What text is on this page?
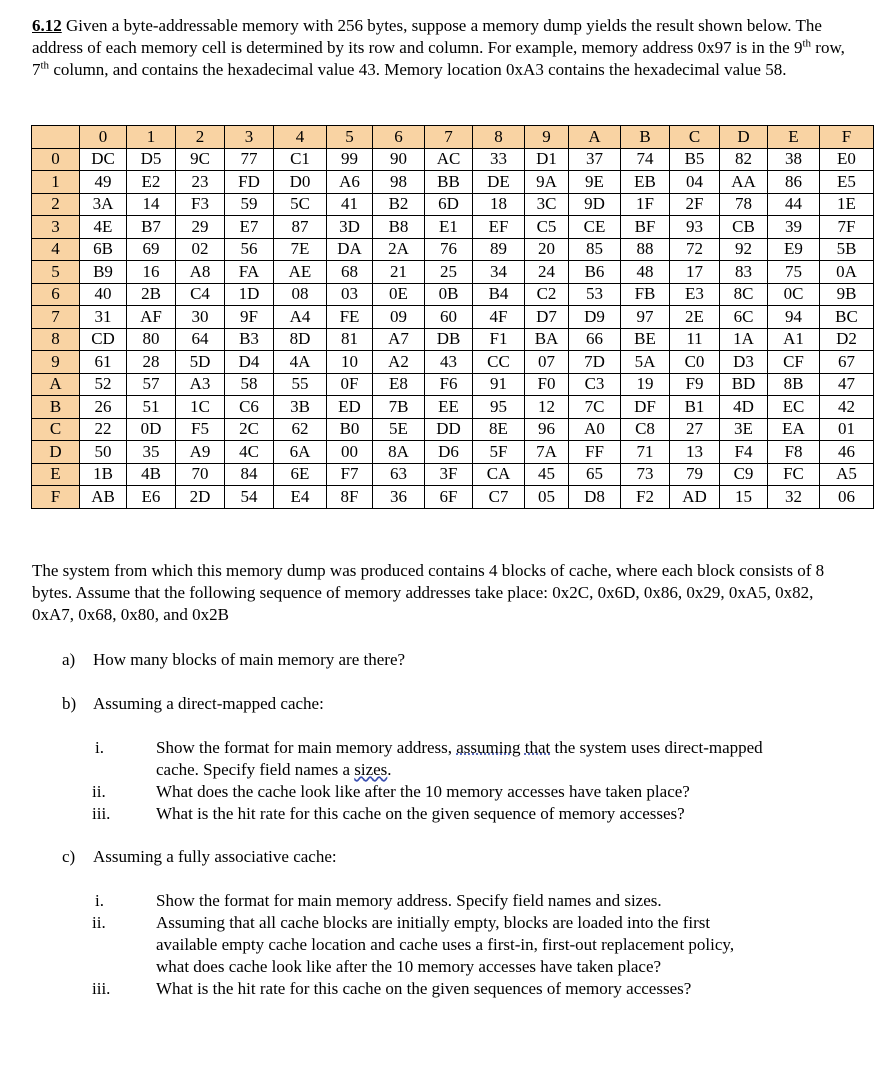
6.12 Given a byte-addressable memory with 256 bytes, suppose a memory dump yields the result shown below. The address of each memory cell is determined by its row and column. For example, memory address 0x97 is in the 9th row, 7th column, and contains the hexadecimal value 43. Memory location 0xA3 contains the hexadecimal value 58.
	0	1	2	3	4	5	6	7	8	9	A	B	C	D	E	F
0	DC	D5	9C	77	C1	99	90	AC	33	D1	37	74	B5	82	38	E0
1	49	E2	23	FD	D0	A6	98	BB	DE	9A	9E	EB	04	AA	86	E5
2	3A	14	F3	59	5C	41	B2	6D	18	3C	9D	1F	2F	78	44	1E
3	4E	B7	29	E7	87	3D	B8	E1	EF	C5	CE	BF	93	CB	39	7F
4	6B	69	02	56	7E	DA	2A	76	89	20	85	88	72	92	E9	5B
5	B9	16	A8	FA	AE	68	21	25	34	24	B6	48	17	83	75	0A
6	40	2B	C4	1D	08	03	0E	0B	B4	C2	53	FB	E3	8C	0C	9B
7	31	AF	30	9F	A4	FE	09	60	4F	D7	D9	97	2E	6C	94	BC
8	CD	80	64	B3	8D	81	A7	DB	F1	BA	66	BE	11	1A	A1	D2
9	61	28	5D	D4	4A	10	A2	43	CC	07	7D	5A	C0	D3	CF	67
A	52	57	A3	58	55	0F	E8	F6	91	F0	C3	19	F9	BD	8B	47
B	26	51	1C	C6	3B	ED	7B	EE	95	12	7C	DF	B1	4D	EC	42
C	22	0D	F5	2C	62	B0	5E	DD	8E	96	A0	C8	27	3E	EA	01
D	50	35	A9	4C	6A	00	8A	D6	5F	7A	FF	71	13	F4	F8	46
E	1B	4B	70	84	6E	F7	63	3F	CA	45	65	73	79	C9	FC	A5
F	AB	E6	2D	54	E4	8F	36	6F	C7	05	D8	F2	AD	15	32	06
The system from which this memory dump was produced contains 4 blocks of cache, where each block consists of 8 bytes. Assume that the following sequence of memory addresses take place: 0x2C, 0x6D, 0x86, 0x29, 0xA5, 0x82, 0xA7, 0x68, 0x80, and 0x2B
a) How many blocks of main memory are there?
b) Assuming a direct-mapped cache:
i.	Show the format for main memory address, assuming that the system uses direct-mapped
cache. Specify field names a sizes.
ii.	What does the cache look like after the 10 memory accesses have taken place?
iii.	What is the hit rate for this cache on the given sequence of memory accesses?
c) Assuming a fully associative cache:
i.	Show the format for main memory address. Specify field names and sizes.
ii.	Assuming that all cache blocks are initially empty, blocks are loaded into the first
available empty cache location and cache uses a first-in, first-out replacement policy,
what does cache look like after the 10 memory accesses have taken place?
iii.	What is the hit rate for this cache on the given sequences of memory accesses?
